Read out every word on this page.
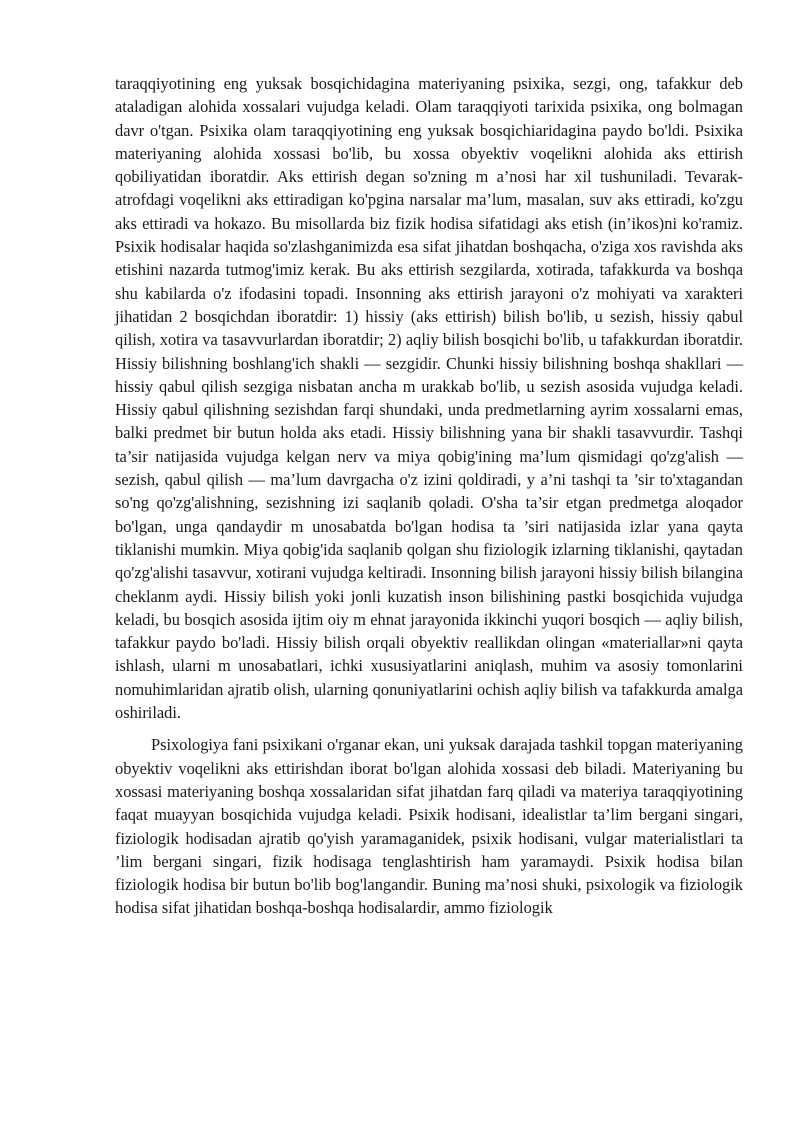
taraqqiyotining eng yuksak bosqichidagina materiyaning psixika, sezgi, ong, tafakkur deb ataladigan alohida xossalari vujudga keladi. Olam taraqqiyoti tarixida psixika, ong bolmagan davr o'tgan. Psixika olam taraqqiyotining eng yuksak bosqichiaridagina paydo bo'ldi. Psixika materiyaning alohida xossasi bo'lib, bu xossa obyektiv voqelikni alohida aks ettirish qobiliyatidan iboratdir. Aks ettirish degan so'zning m a’nosi har xil tushuniladi. Tevarak-atrofdagi voqelikni aks ettiradigan ko'pgina narsalar ma’lum, masalan, suv aks ettiradi, ko'zgu aks ettiradi va hokazo. Bu misollarda biz fizik hodisa sifatidagi aks etish (in’ikos)ni ko'ramiz. Psixik hodisalar haqida so'zlashganimizda esa sifat jihatdan boshqacha, o'ziga xos ravishda aks etishini nazarda tutmog'imiz kerak. Bu aks ettirish sezgilarda, xotirada, tafakkurda va boshqa shu kabilarda o'z ifodasini topadi. Insonning aks ettirish jarayoni o'z mohiyati va xarakteri jihatidan 2 bosqichdan iboratdir: 1) hissiy (aks ettirish) bilish bo'lib, u sezish, hissiy qabul qilish, xotira va tasavvurlardan iboratdir; 2) aqliy bilish bosqichi bo'lib, u tafakkurdan iboratdir. Hissiy bilishning boshlang'ich shakli — sezgidir. Chunki hissiy bilishning boshqa shakllari — hissiy qabul qilish sezgiga nisbatan ancha m urakkab bo'lib, u sezish asosida vujudga keladi. Hissiy qabul qilishning sezishdan farqi shundaki, unda predmetlarning ayrim xossalarni emas, balki predmet bir butun holda aks etadi. Hissiy bilishning yana bir shakli tasavvurdir. Tashqi ta’sir natijasida vujudga kelgan nerv va miya qobig'ining ma’lum qismidagi qo'zg'alish — sezish, qabul qilish — ma’lum davrgacha o'z izini qoldiradi, y a’ni tashqi ta ’sir to'xtagandan so'ng qo'zg'alishning, sezishning izi saqlanib qoladi. O'sha ta’sir etgan predmetga aloqador bo'lgan, unga qandaydir m unosabatda bo'lgan hodisa ta ’siri natijasida izlar yana qayta tiklanishi mumkin. Miya qobig'ida saqlanib qolgan shu fiziologik izlarning tiklanishi, qaytadan qo'zg'alishi tasavvur, xotirani vujudga keltiradi. Insonning bilish jarayoni hissiy bilish bilangina cheklanm aydi. Hissiy bilish yoki jonli kuzatish inson bilishining pastki bosqichida vujudga keladi, bu bosqich asosida ijtim oiy m ehnat jarayonida ikkinchi yuqori bosqich — aqliy bilish, tafakkur paydo bo'ladi. Hissiy bilish orqali obyektiv reallikdan olingan «materiallar»ni qayta ishlash, ularni m unosabatlari, ichki xususiyatlarini aniqlash, muhim va asosiy tomonlarini nomuhimlaridan ajratib olish, ularning qonuniyatlarini ochish aqliy bilish va tafakkurda amalga oshiriladi.

Psixologiya fani psixikani o'rganar ekan, uni yuksak darajada tashkil topgan materiyaning obyektiv voqelikni aks ettirishdan iborat bo'lgan alohida xossasi deb biladi. Materiyaning bu xossasi materiyaning boshqa xossalaridan sifat jihatdan farq qiladi va materiya taraqqiyotining faqat muayyan bosqichida vujudga keladi. Psixik hodisani, idealistlar ta’lim bergani singari, fiziologik hodisadan ajratib qo'yish yaramaganidek, psixik hodisani, vulgar materialistlari ta ’lim bergani singari, fizik hodisaga tenglashtirish ham yaramaydi. Psixik hodisa bilan fiziologik hodisa bir butun bo'lib bog'langandir. Buning ma’nosi shuki, psixologik va fiziologik hodisa sifat jihatidan boshqa-boshqa hodisalardir, ammo fiziologik
